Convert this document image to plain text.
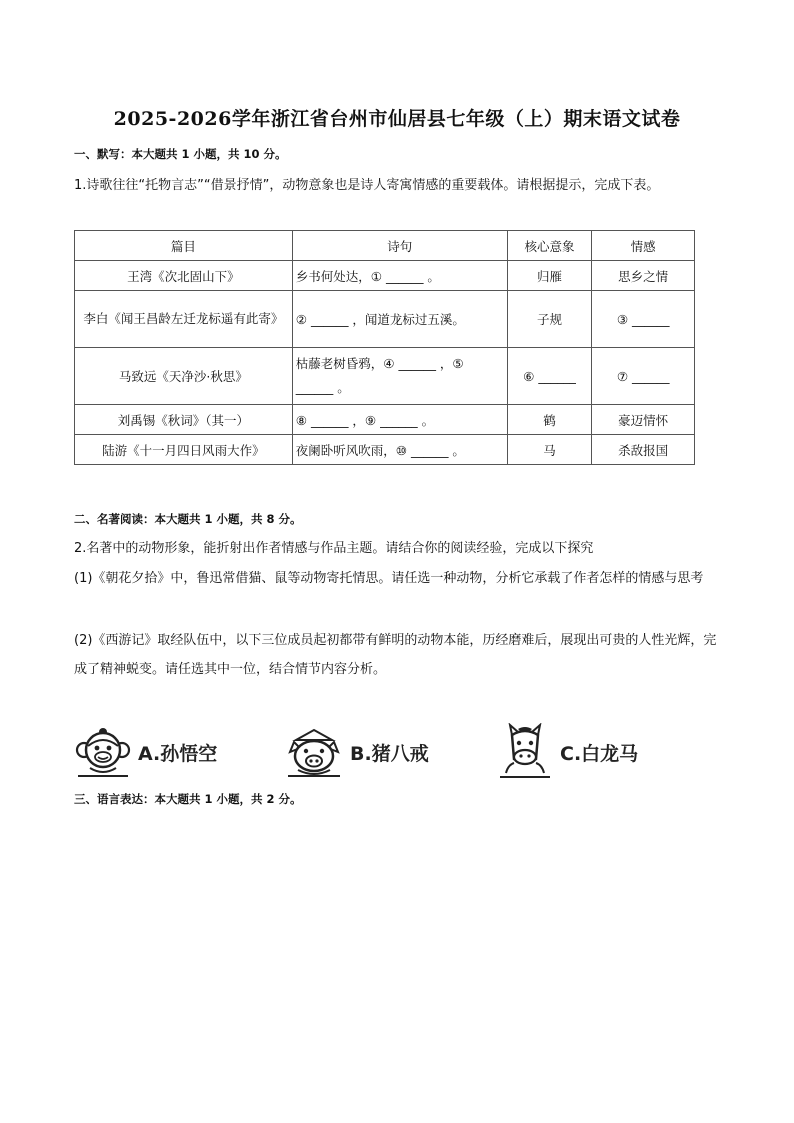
2025-2026学年浙江省台州市仙居县七年级（上）期末语文试卷
一、默写：本大题共 1 小题，共 10 分。
1.诗歌往往“托物言志”“借景抒情”，动物意象也是诗人寄寓情感的重要载体。请根据提示，完成下表。
篇目	诗句	核心意象	情感
王湾《次北固山下》	乡书何处达，① ______ 。	归雁	思乡之情
李白《闻王昌龄左迁龙标遥有此寄》	② ______ ，闻道龙标过五溪。	子规	③ ______
马致远《天净沙·秋思》	枯藤老树昏鸦，④ ______ ，⑤ ______ 。	⑥ ______	⑦ ______
刘禹锡《秋词》（其一）	⑧ ______ ，⑨ ______ 。	鹤	豪迈情怀
陆游《十一月四日风雨大作》	夜阑卧听风吹雨，⑩ ______ 。	马	杀敌报国
二、名著阅读：本大题共 1 小题，共 8 分。
2.名著中的动物形象，能折射出作者情感与作品主题。请结合你的阅读经验，完成以下探究
(1)《朝花夕拾》中，鲁迅常借猫、鼠等动物寄托情思。请任选一种动物，分析它承载了作者怎样的情感与思考
(2)《西游记》取经队伍中，以下三位成员起初都带有鲜明的动物本能，历经磨难后，展现出可贵的人性光辉，完成了精神蜕变。请任选其中一位，结合情节内容分析。
A.孙悟空	B.猪八戒	C.白龙马
三、语言表达：本大题共 1 小题，共 2 分。
